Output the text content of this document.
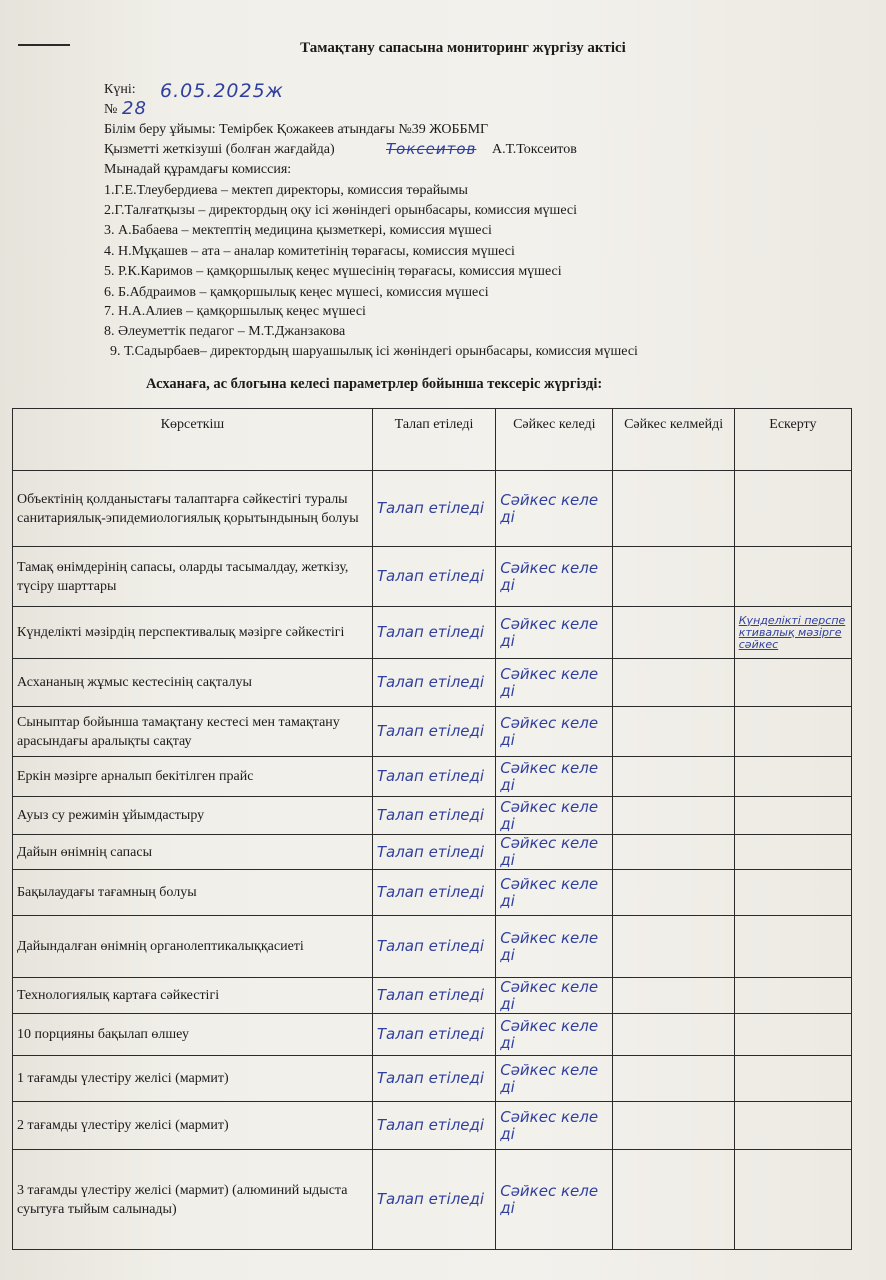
Тамақтану сапасына мониторинг жүргізу актісі
Күні: 6.05.2025ж
№ 28
Білім беру ұйымы: Темірбек Қожакеев атындағы №39 ЖОББМГ
Қызметті жеткізуші (болған жағдайда)	Токсеитов А.Т.Токсеитов
Мынадай құрамдағы комиссия:
1.Г.Е.Тлеубердиева – мектеп директоры, комиссия төрайымы
2.Г.Талғатқызы – директордың оқу ісі жөніндегі орынбасары, комиссия мүшесі
3. А.Бабаева – мектептің медицина қызметкері, комиссия мүшесі
4. Н.Мұқашев – ата – аналар комитетінің төрағасы, комиссия мүшесі
5. Р.К.Каримов – қамқоршылық кеңес мүшесінің төрағасы, комиссия мүшесі
6. Б.Абдраимов – қамқоршылық кеңес мүшесі, комиссия мүшесі
7. Н.А.Алиев – қамқоршылық кеңес мүшесі
8. Әлеуметтік педагог – М.Т.Джанзакова
9. Т.Садырбаев– директордың шаруашылық ісі жөніндегі орынбасары, комиссия мүшесі
Асханаға, ас блогына келесі параметрлер бойынша тексеріс жүргізді:
Көрсеткіш	Талап етіледі	Сәйкес келеді	Сәйкес келмейді	Ескерту
Объектінің қолданыстағы талаптарға сәйкестігі туралы санитариялық-эпидемиологиялық қорытындының болуы	Талап етіледі	Сәйкес келеді		

Тамақ өнімдерінің сапасы, оларды тасымалдау, жеткізу, түсіру шарттары	Талап етіледі	Сәйкес келеді		

Күнделікті мәзірдің перспективалық мәзірге сәйкестігі	Талап етіледі	Сәйкес келеді		Күнделікті перспективалық мәзірге сәйкес

Асхананың жұмыс кестесінің сақталуы	Талап етіледі	Сәйкес келеді		

Сыныптар бойынша тамақтану кестесі мен тамақтану арасындағы аралықты сақтау	Талап етіледі	Сәйкес келеді		

Еркін мәзірге арналып бекітілген прайс	Талап етіледі	Сәйкес келеді		

Ауыз су режимін ұйымдастыру	Талап етіледі	Сәйкес келеді		

Дайын өнімнің сапасы	Талап етіледі	Сәйкес келеді		

Бақылаудағы тағамның болуы	Талап етіледі	Сәйкес келеді		

Дайындалған өнімнің органолептикалыққасиеті	Талап етіледі	Сәйкес келеді		

Технологиялық картаға сәйкестігі	Талап етіледі	Сәйкес келеді		

10 порцияны бақылап өлшеу	Талап етіледі	Сәйкес келеді		

1 тағамды үлестіру желісі (мармит)	Талап етіледі	Сәйкес келеді		

2 тағамды үлестіру желісі (мармит)	Талап етіледі	Сәйкес келеді		

3 тағамды үлестіру желісі (мармит) (алюминий ыдыста суытуға тыйым салынады)	Талап етіледі	Сәйкес келеді		
